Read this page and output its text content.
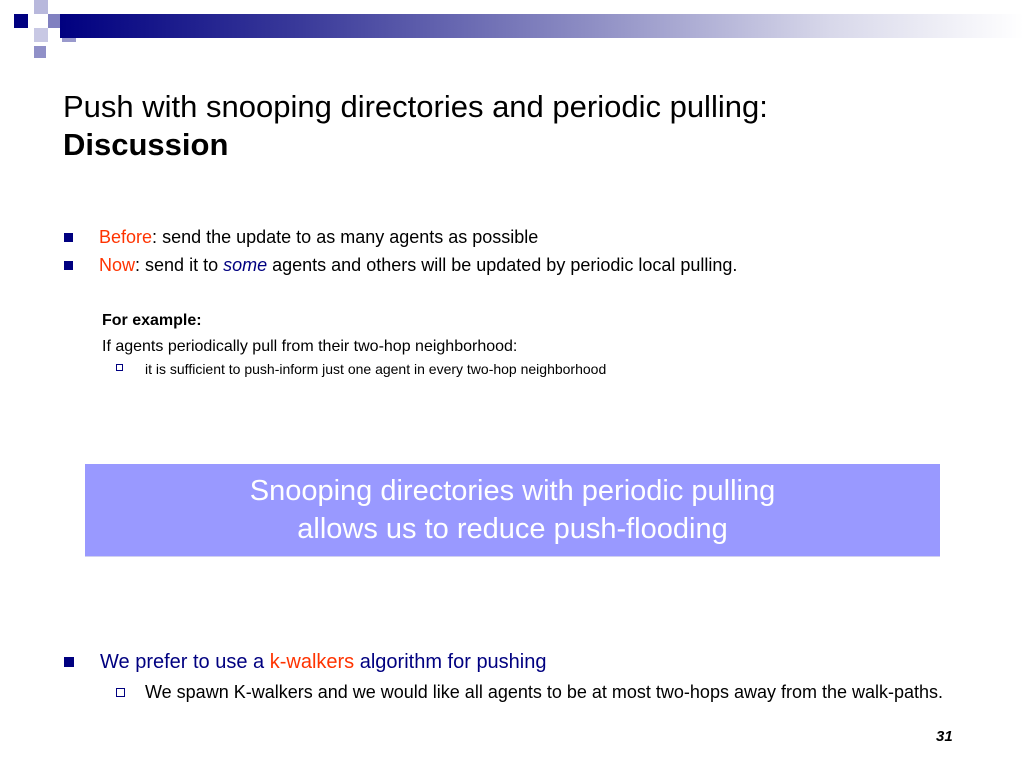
Push with snooping directories and periodic pulling:
Discussion
Before: send the update to as many agents as possible
Now: send it to some agents and others will be updated by periodic local pulling.
For example:
If agents periodically pull from their two-hop neighborhood:
it is sufficient to push-inform just one agent in every two-hop neighborhood
Snooping directories with periodic pulling
allows us to reduce push-flooding
We prefer to use a k-walkers algorithm for pushing
We spawn K-walkers and we would like all agents to be at most two-hops away from the walk-paths.
31
